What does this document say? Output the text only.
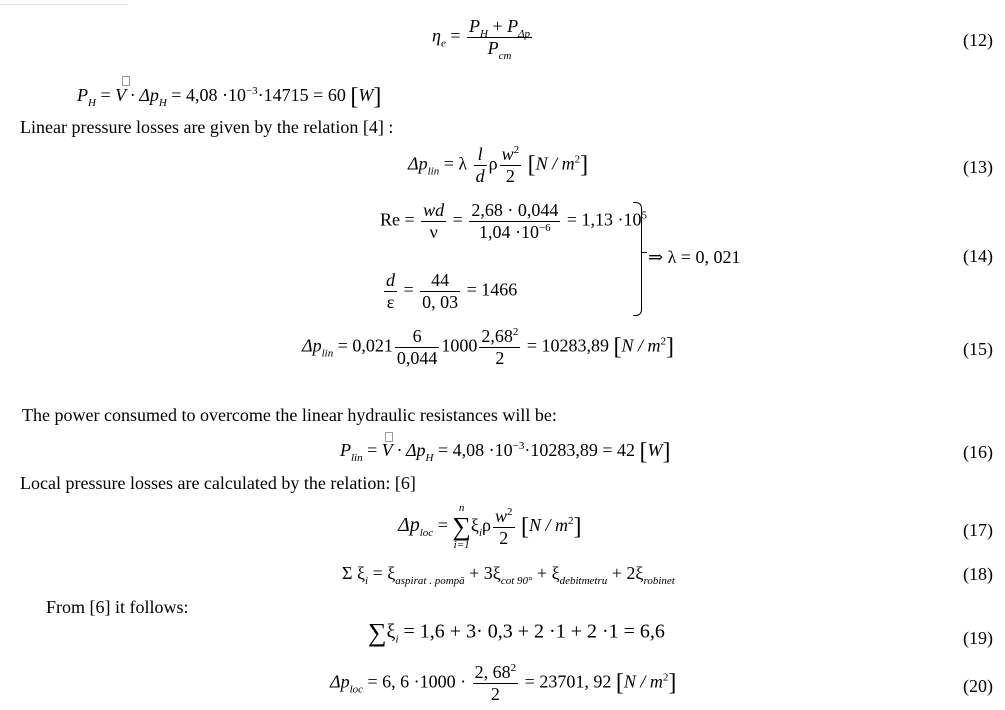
$\eta_e = \frac{P_H + P_{\Delta p}}{P_{cm}}$	(12)
$P_H = V \cdot \Delta p_H = 4,08 \cdot 10^{-3}\cdot 14715 = 60$ [W]
Linear pressure losses are given by the relation [4] :
$\Delta p_{lin} = \lambda \frac{l}{d}$ ρ $\frac{w^2}{2} [N / m^2]$	(13)
$Re = \frac{wd}{\nu} = \frac{2,68 \cdot 0,044}{1,04 \cdot 10^{-6}} = 1,13 \cdot 10^5$
$\frac{d}{\varepsilon} = \frac{44}{0, 03} = 1466$
⇒ λ = 0, 021	(14)
$\Delta p_{lin} = 0,021 \frac{6}{0,044} 1000 \frac{2,68^2}{2} = 10283,89$ $[N / m^2]$	(15)
The power consumed to overcome the linear hydraulic resistances will be:
$P_{lin} = V \cdot \Delta p_H = 4,08 \cdot 10^{-3}\cdot 10283,89 = 42$ [W]	(16)
Local pressure losses are calculated by the relation: [6]
$\Delta p_{loc}$ =
n
∑
i=1
$\xi_i\rho \frac{w^2}{2} [N / m^2]$	(17)
Σ $\xi_i = \xi_{aspirat . pompă} + 3\xi_{cot 90^\circ} + \xi_{debitmetru} + 2\xi_{robinet}$	(18)
From [6] it follows:
$\sum\xi_i = 1,6 + 3\cdot 0,3 + 2 \cdot 1 + 2 \cdot 1 = 6,6$	(19)
$\Delta p_{loc} = 6$, $6 \cdot 1000 \cdot \frac{2, 68^2}{2} = 23701$, 92 $[N / m^2]$	(20)
